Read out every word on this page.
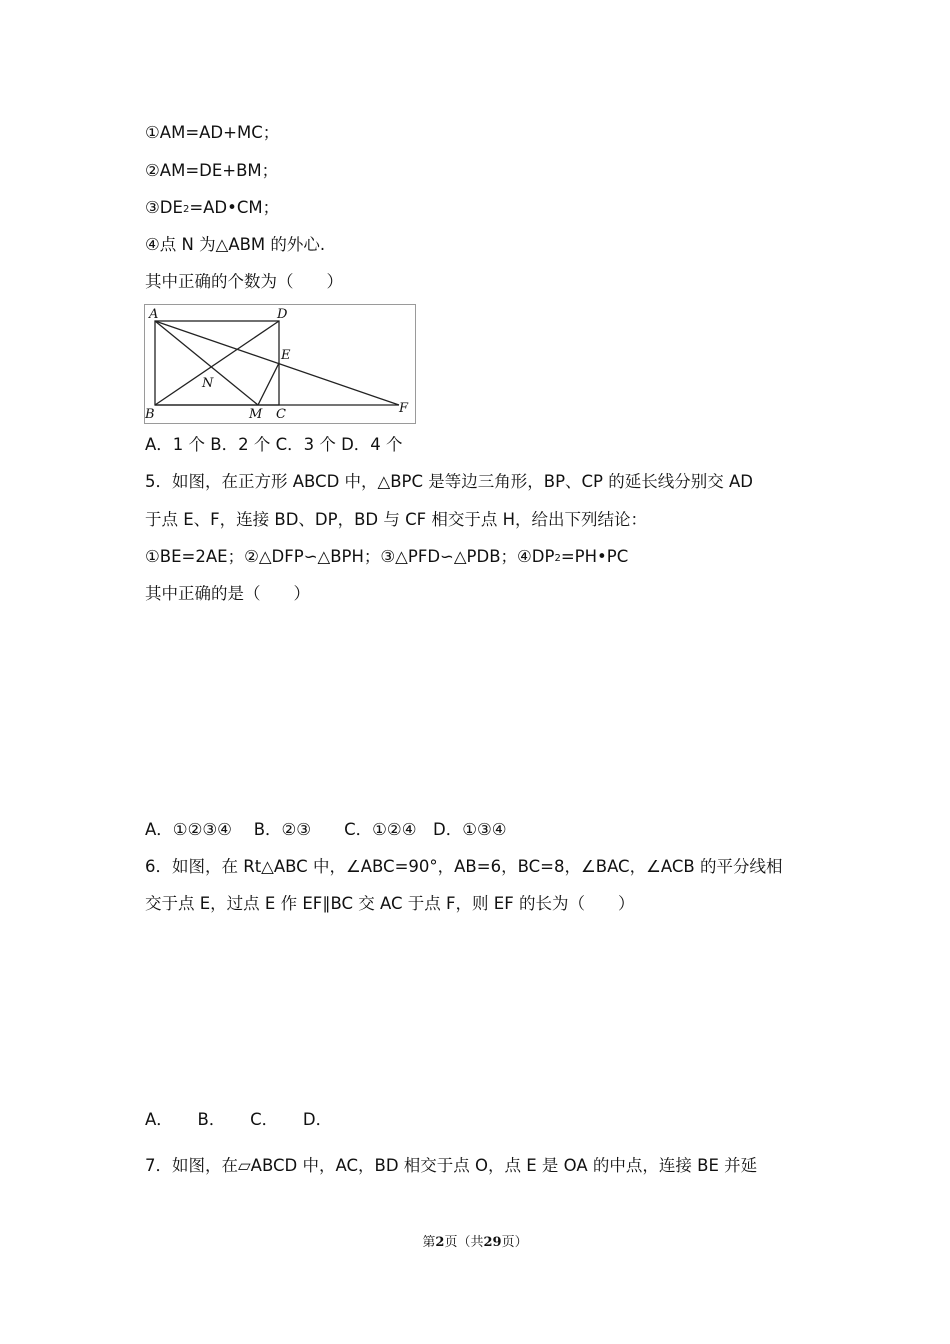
①AM=AD+MC；
②AM=DE+BM；
$③DE^2=AD•CM$；
④点 N 为△ABM 的外心.
其中正确的个数为（　　）
A	D
E
N
B	M C	F
A．1 个 B．2 个 C．3 个 D．4 个
5．如图，在正方形 ABCD 中，△BPC 是等边三角形，BP、CP 的延长线分别交 AD
于点 E、F，连接 BD、DP，BD 与 CF 相交于点 H，给出下列结论：
①BE=2AE；②△DFP∽△BPH；③△PFD∽△PDB；$④DP^2=PH•PC$
其中正确的是（　　）
A．①②③④　 B．②③　　C．①②④　D．①③④
6．如图，在 Rt△ABC 中，∠ABC=90°，AB=6，BC=8，∠BAC，∠ACB 的平分线相
交于点 E，过点 E 作 EF∥BC 交 AC 于点 F，则 EF 的长为（　　）
A．　　B．　　C．　　D．
7．如图，在▱ABCD 中，AC，BD 相交于点 O，点 E 是 OA 的中点，连接 BE 并延
第2页（共29页）
